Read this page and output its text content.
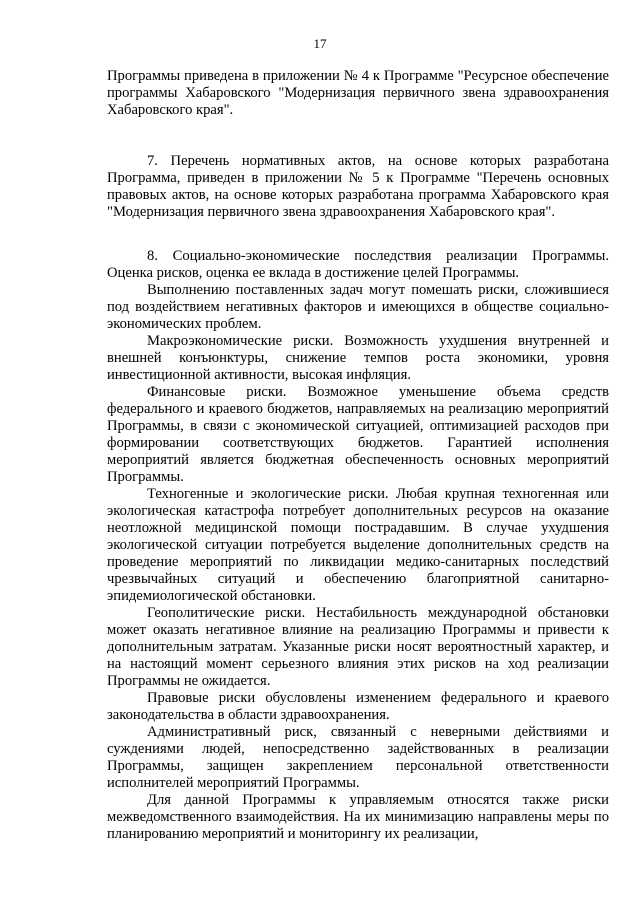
17

Программы приведена в приложении № 4 к Программе "Ресурсное обеспечение программы Хабаровского "Модернизация первичного звена здравоохранения Хабаровского края".

7. Перечень нормативных актов, на основе которых разработана Программа, приведен в приложении № 5 к Программе "Перечень основных правовых актов, на основе которых разработана программа Хабаровского края "Модернизация первичного звена здравоохранения Хабаровского края".

8. Социально-экономические последствия реализации Программы. Оценка рисков, оценка ее вклада в достижение целей Программы.

Выполнению поставленных задач могут помешать риски, сложившиеся под воздействием негативных факторов и имеющихся в обществе социально-экономических проблем.

Макроэкономические риски. Возможность ухудшения внутренней и внешней конъюнктуры, снижение темпов роста экономики, уровня инвестиционной активности, высокая инфляция.

Финансовые риски. Возможное уменьшение объема средств федерального и краевого бюджетов, направляемых на реализацию мероприятий Программы, в связи с экономической ситуацией, оптимизацией расходов при формировании соответствующих бюджетов. Гарантией исполнения мероприятий является бюджетная обеспеченность основных мероприятий Программы.

Техногенные и экологические риски. Любая крупная техногенная или экологическая катастрофа потребует дополнительных ресурсов на оказание неотложной медицинской помощи пострадавшим. В случае ухудшения экологической ситуации потребуется выделение дополнительных средств на проведение мероприятий по ликвидации медико-санитарных последствий чрезвычайных ситуаций и обеспечению благоприятной санитарно-эпидемиологической обстановки.

Геополитические риски. Нестабильность международной обстановки может оказать негативное влияние на реализацию Программы и привести к дополнительным затратам. Указанные риски носят вероятностный характер, и на настоящий момент серьезного влияния этих рисков на ход реализации Программы не ожидается.

Правовые риски обусловлены изменением федерального и краевого законодательства в области здравоохранения.

Административный риск, связанный с неверными действиями и суждениями людей, непосредственно задействованных в реализации Программы, защищен закреплением персональной ответственности исполнителей мероприятий Программы.

Для данной Программы к управляемым относятся также риски межведомственного взаимодействия. На их минимизацию направлены меры по планированию мероприятий и мониторингу их реализации,
